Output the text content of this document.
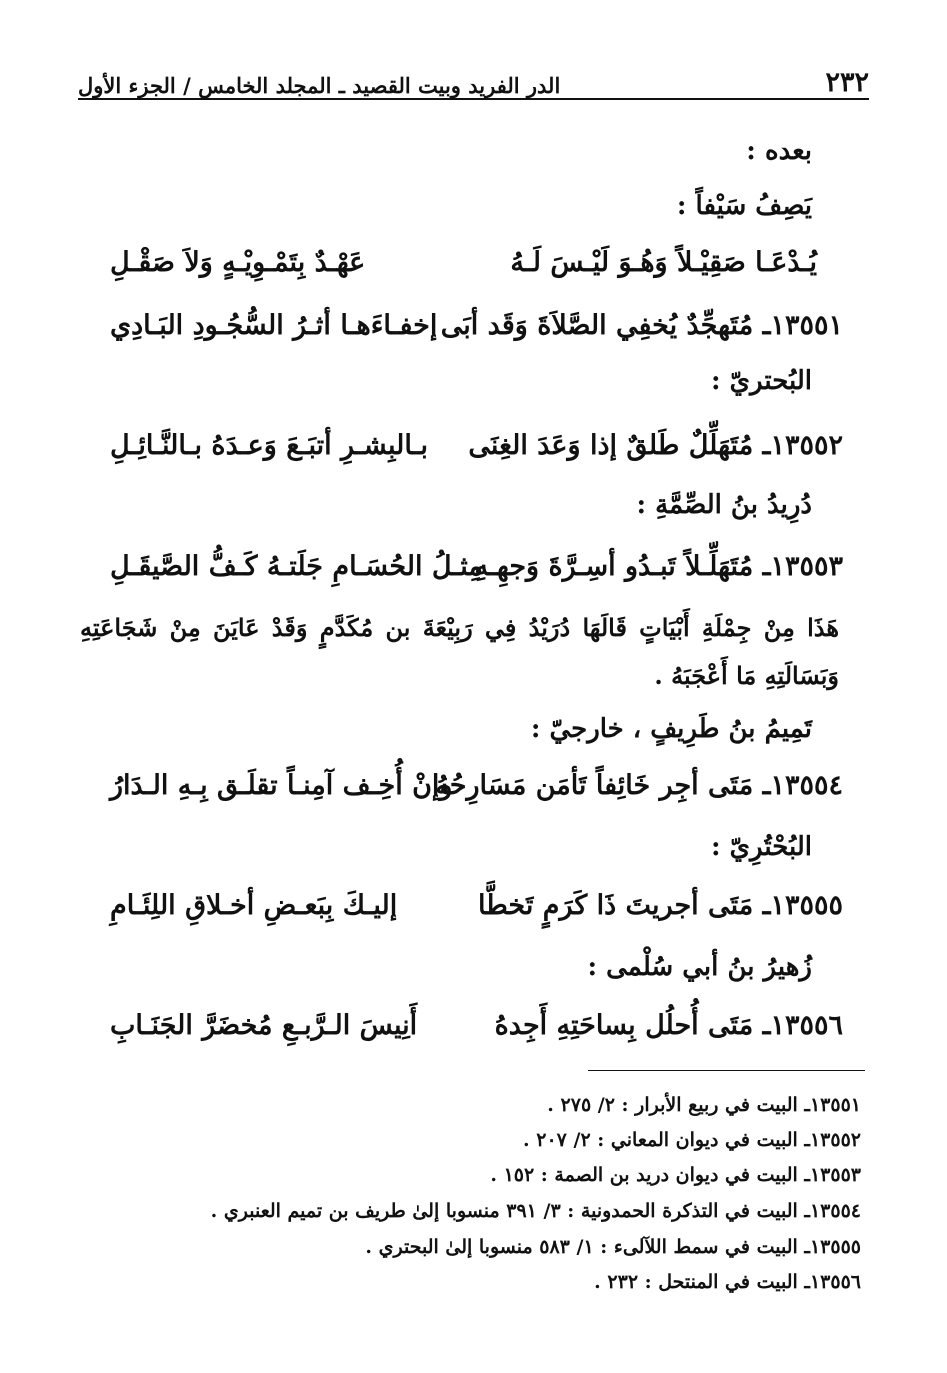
٢٣٢
الدر الفريد وبيت القصيد ـ المجلد الخامس / الجزء الأول
بعده :
يَصِفُ سَيْفاً :
يُـدْعَـا صَقِيْـلاً وَهُـوَ لَيْـسَ لَـهُ
عَهْـدٌ بِتَمْـوِيْـهٍ وَلاَ صَقْـلِ
١٣٥٥١ـ مُتَهجِّدٌ يُخفِي الصَّلاَةَ وَقَد أبَى
إخفـاءَهـا أثـرُ السُّجُـودِ البَـادِي
البُحتريّ :
١٣٥٥٢ـ مُتَهَلِّلٌ طَلقٌ إذا وَعَدَ الغِنَى
بـالبِشـرِ أتبَـعَ وَعـدَهُ بـالنَّـائِـلِ
دُرِيدُ بنُ الصِّمَّةِ :
١٣٥٥٣ـ مُتَهَلِّـلاً تَبـدُو أسِـرَّةَ وَجهِـهِ
مِثـلُ الحُسَـامِ جَلَتـهُ كَـفُّ الصَّيقَـلِ
هَذَا مِنْ جِمْلَةِ أَبْيَاتٍ قَالَهَا دُرَيْدُ فِي رَبِيْعَةَ بن مُكَدَّمٍ وَقَدْ عَايَنَ مِنْ شَجَاعَتِهِ وَبَسَالَتِهِ مَا أَعْجَبَهُ .
تَمِيمُ بنُ طَرِيفٍ ، خارجيّ :
١٣٥٥٤ـ مَتَى أجِر خَائِفاً تَأمَن مَسَارِحُهُ
وإنْ أُخِـف آمِنـاً تقلَـق بِـهِ الـدَارُ
البُحْتُرِيّ :
١٣٥٥٥ـ مَتَى أجريتَ ذَا كَرَمٍ تَخطَّا
إليـكَ بِبَعـضِ أخـلاقِ اللِئَـامِ
زُهيرُ بنُ أبي سُلْمى :
١٣٥٥٦ـ مَتَى أُحلُل بِساحَتِهِ أَجِدهُ
أَنِيسَ الـرَّبـعِ مُخضَرَّ الجَنَـابِ
١٣٥٥١ـ البيت في ربيع الأبرار : ٢/ ٢٧٥ .
١٣٥٥٢ـ البيت في ديوان المعاني : ٢/ ٢٠٧ .
١٣٥٥٣ـ البيت في ديوان دريد بن الصمة : ١٥٢ .
١٣٥٥٤ـ البيت في التذكرة الحمدونية : ٣/ ٣٩١ منسوبا إلىٰ طريف بن تميم العنبري .
١٣٥٥٥ـ البيت في سمط اللآلىء : ١/ ٥٨٣ منسوبا إلىٰ البحتري .
١٣٥٥٦ـ البيت في المنتحل : ٢٣٢ .
